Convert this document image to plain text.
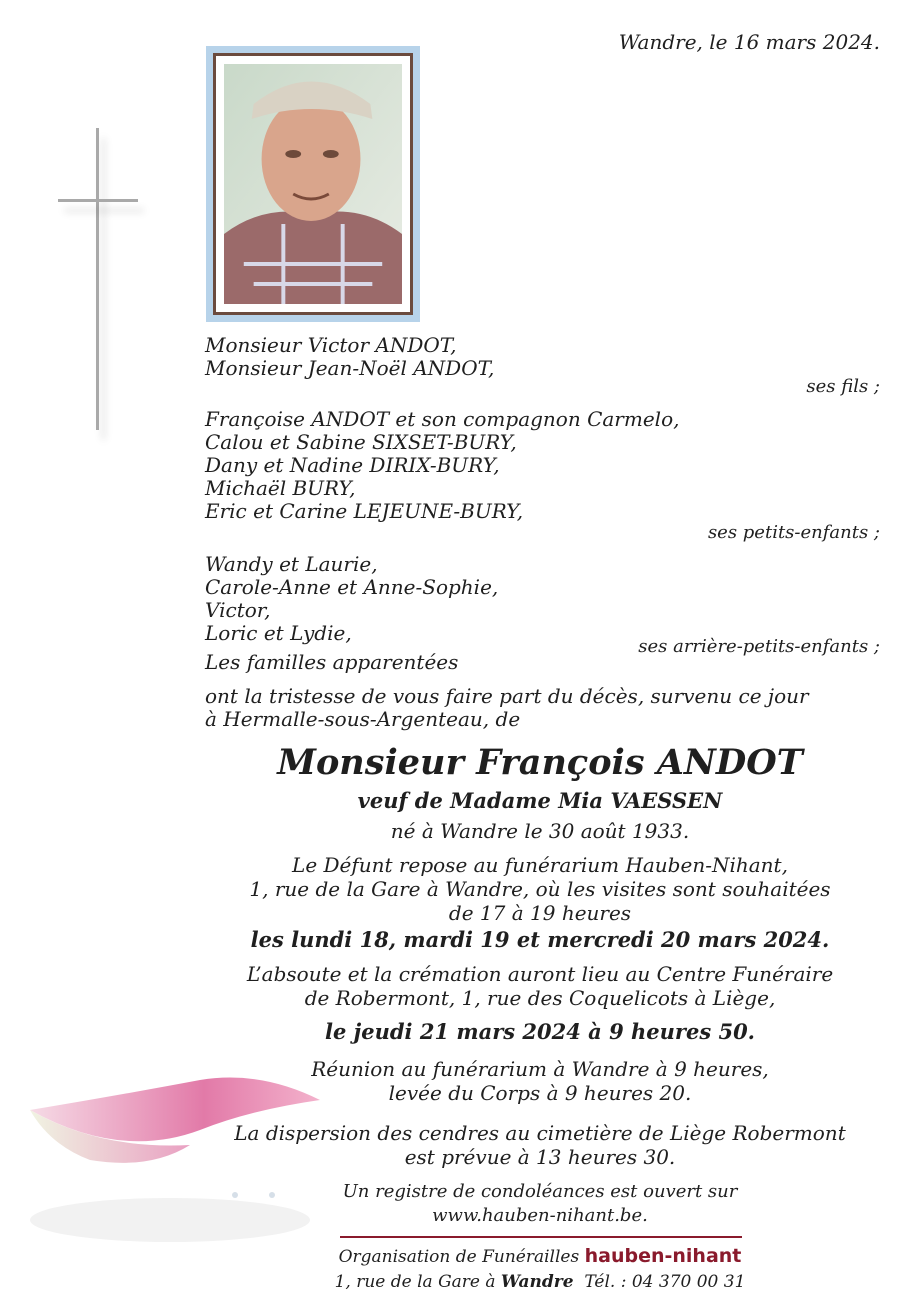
Wandre, le 16 mars 2024.
Monsieur Victor ANDOT,
Monsieur Jean-Noël ANDOT,
ses fils ;
Françoise ANDOT et son compagnon Carmelo,
Calou et Sabine SIXSET-BURY,
Dany et Nadine DIRIX-BURY,
Michaël BURY,
Eric et Carine LEJEUNE-BURY,
ses petits-enfants ;
Wandy et Laurie,
Carole-Anne et Anne-Sophie,
Victor,
Loric et Lydie,
ses arrière-petits-enfants ;
Les familles apparentées
ont la tristesse de vous faire part du décès, survenu ce jour
à Hermalle-sous-Argenteau, de
Monsieur François ANDOT
veuf de Madame Mia VAESSEN
né à Wandre le 30 août 1933.
Le Défunt repose au funérarium Hauben-Nihant,
1, rue de la Gare à Wandre, où les visites sont souhaitées
de 17 à 19 heures
les lundi 18, mardi 19 et mercredi 20 mars 2024.
L’absoute et la crémation auront lieu au Centre Funéraire
de Robermont, 1, rue des Coquelicots à Liège,
le jeudi 21 mars 2024 à 9 heures 50.
Réunion au funérarium à Wandre à 9 heures,
levée du Corps à 9 heures 20.
La dispersion des cendres au cimetière de Liège Robermont
est prévue à 13 heures 30.
Un registre de condoléances est ouvert sur
www.hauben-nihant.be.
Organisation de Funérailles hauben-nihant
1, rue de la Gare à Wandre Tél. : 04 370 00 31
